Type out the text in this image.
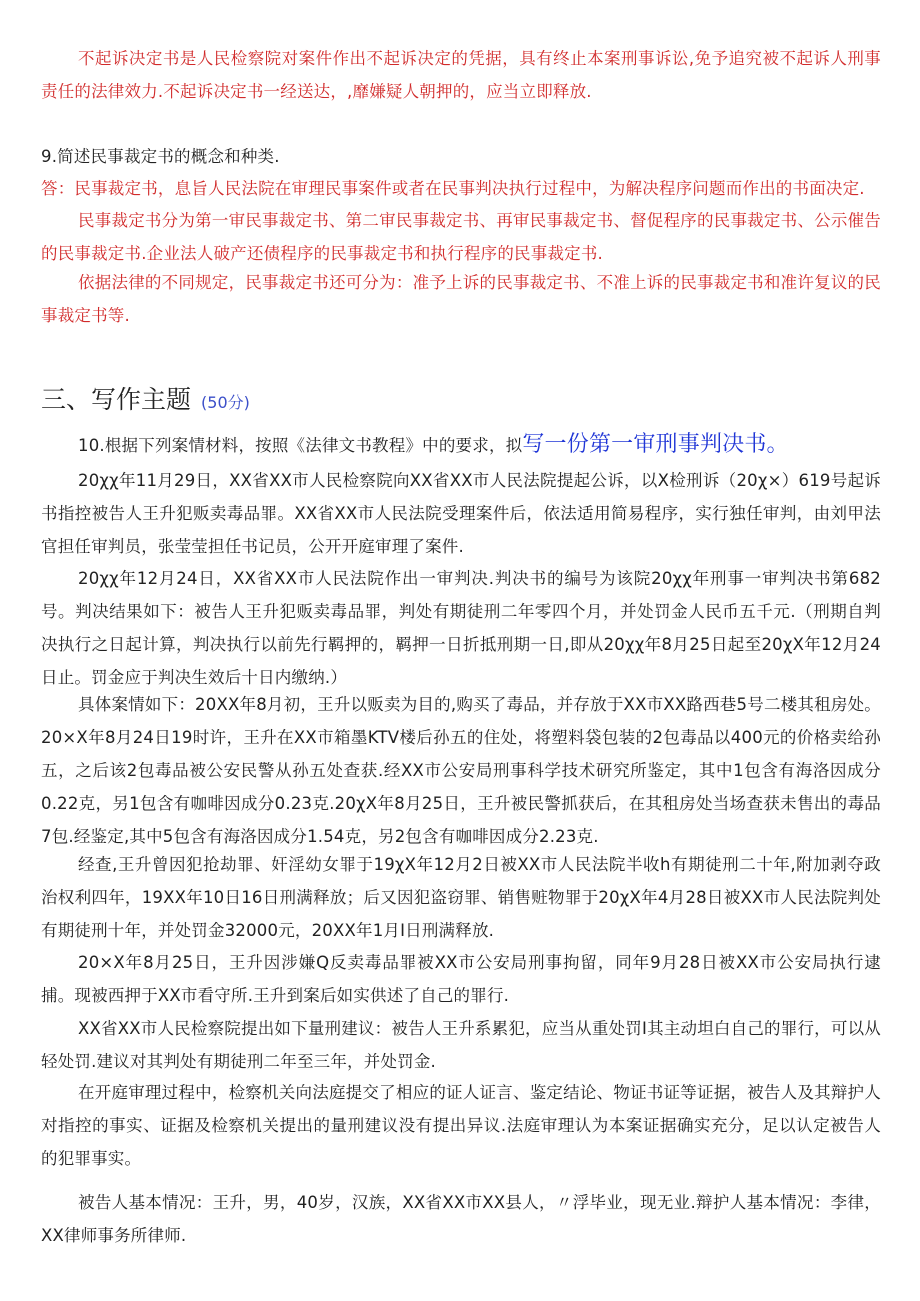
不起诉决定书是人民检察院对案件作出不起诉决定的凭据，具有终止本案刑事诉讼,免予追究被不起诉人刑事责任的法律效力.不起诉决定书一经送达，,靡嫌疑人朝押的，应当立即释放.

9.简述民事裁定书的概念和种类.

答：民事裁定书，息旨人民法院在审理民事案件或者在民事判决执行过程中，为解决程序问题而作出的书面决定.

民事裁定书分为第一审民事裁定书、第二审民事裁定书、再审民事裁定书、督促程序的民事裁定书、公示催告的民事裁定书.企业法人破产还债程序的民事裁定书和执行程序的民事裁定书.

依据法律的不同规定，民事裁定书还可分为：准予上诉的民事裁定书、不准上诉的民事裁定书和准许复议的民事裁定书等.

三、写作主题 (50分)

10.根据下列案情材料，按照《法律文书教程》中的要求，拟写一份第一审刑事判决书。

20χχ年11月29日，XX省XX市人民检察院向XX省XX市人民法院提起公诉，以X检刑诉（20χ×）619号起诉书指控被告人王升犯贩卖毒品罪。XX省XX市人民法院受理案件后，依法适用简易程序，实行独任审判，由刘甲法官担任审判员，张莹莹担任书记员，公开开庭审理了案件.

20χχ年12月24日，XX省XX市人民法院作出一审判决.判决书的编号为该院20χχ年刑事一审判决书第682号。判决结果如下：被告人王升犯贩卖毒品罪，判处有期徒刑二年零四个月，并处罚金人民币五千元.（刑期自判决执行之日起计算，判决执行以前先行羁押的，羁押一日折抵刑期一日,即从20χχ年8月25日起至20χX年12月24日止。罚金应于判决生效后十日内缴纳.）

具体案情如下：20XX年8月初，王升以贩卖为目的,购买了毒品，并存放于XX市XX路西巷5号二楼其租房处。20×X年8月24日19时许，王升在XX市箱墨KTV楼后孙五的住处，将塑料袋包装的2包毒品以400元的价格卖给孙五，之后该2包毒品被公安民警从孙五处查获.经XX市公安局刑事科学技术研究所鉴定，其中1包含有海洛因成分0.22克，另1包含有咖啡因成分0.23克.20χX年8月25日，王升被民警抓获后，在其租房处当场查获未售出的毒品7包.经鉴定,其中5包含有海洛因成分1.54克，另2包含有咖啡因成分2.23克.

经查,王升曾因犯抢劫罪、奸淫幼女罪于19χX年12月2日被XX市人民法院半收h有期徒刑二十年,附加剥夺政治权利四年，19XX年10日16日刑满释放；后又因犯盗窃罪、销售赃物罪于20χX年4月28日被XX市人民法院判处有期徒刑十年，并处罚金32000元，20XX年1月I日刑满释放.

20×X年8月25日，王升因涉嫌Q反卖毒品罪被XX市公安局刑事拘留，同年9月28日被XX市公安局执行逮捕。现被西押于XX市看守所.王升到案后如实供述了自己的罪行.

XX省XX市人民检察院提出如下量刑建议：被告人王升系累犯，应当从重处罚I其主动坦白自己的罪行，可以从轻处罚.建议对其判处有期徒刑二年至三年，并处罚金.

在开庭审理过程中，检察机关向法庭提交了相应的证人证言、鉴定结论、物证书证等证据，被告人及其辩护人对指控的事实、证据及检察机关提出的量刑建议没有提出异议.法庭审理认为本案证据确实充分，足以认定被告人的犯罪事实。

被告人基本情况：王升，男，40岁，汉族，XX省XX市XX县人，〃浮毕业，现无业.辩护人基本情况：李律，XX律师事务所律师.
